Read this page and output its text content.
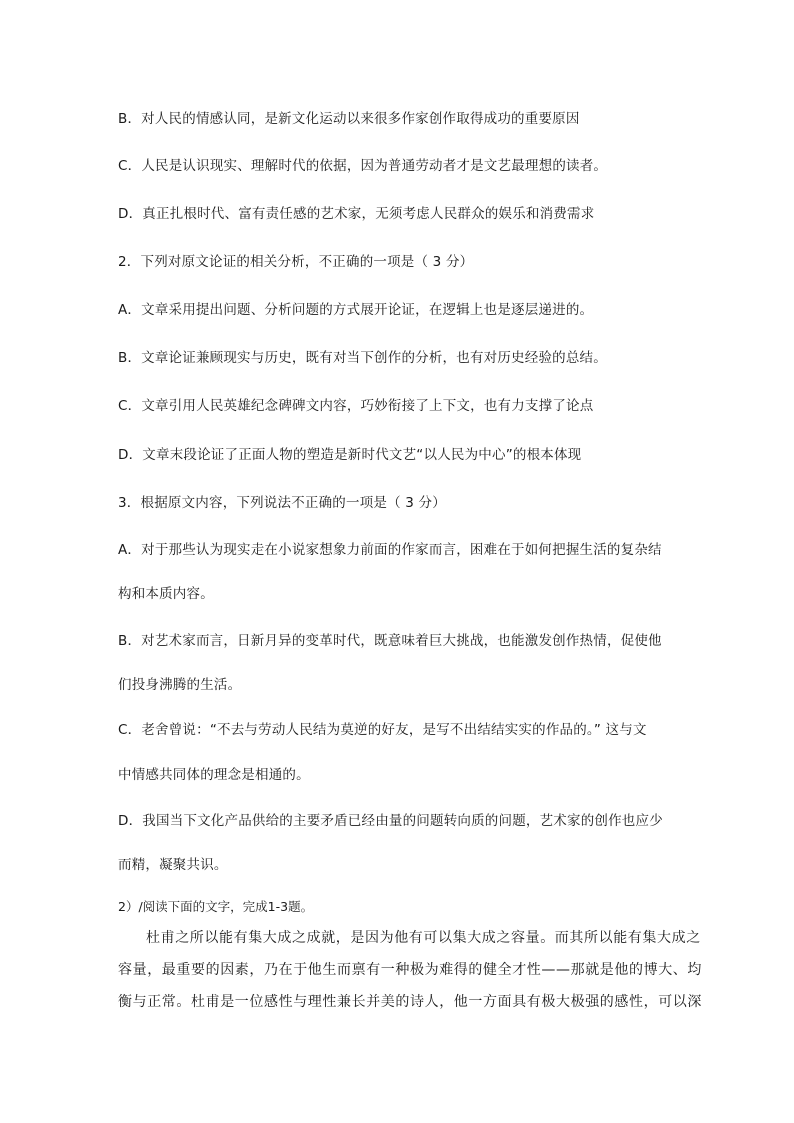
B．对人民的情感认同，是新文化运动以来很多作家创作取得成功的重要原因
C．人民是认识现实、理解时代的依据，因为普通劳动者才是文艺最理想的读者。
D．真正扎根时代、富有责任感的艺术家，无须考虑人民群众的娱乐和消费需求
2．下列对原文论证的相关分析，不正确的一项是（ 3 分）
A．文章采用提出问题、分析问题的方式展开论证，在逻辑上也是逐层递进的。
B．文章论证兼顾现实与历史，既有对当下创作的分析，也有对历史经验的总结。
C．文章引用人民英雄纪念碑碑文内容，巧妙衔接了上下文，也有力支撑了论点
D．文章末段论证了正面人物的塑造是新时代文艺“以人民为中心”的根本体现
3．根据原文内容，下列说法不正确的一项是（ 3 分）
A．对于那些认为现实走在小说家想象力前面的作家而言，困难在于如何把握生活的复杂结
构和本质内容。
B．对艺术家而言，日新月异的变革时代，既意味着巨大挑战，也能激发创作热情，促使他
们投身沸腾的生活。
C．老舍曾说：“不去与劳动人民结为莫逆的好友，是写不出结结实实的作品的。” 这与文
中情感共同体的理念是相通的。
D．我国当下文化产品供给的主要矛盾已经由量的问题转向质的问题，艺术家的创作也应少
而精，凝聚共识。
2）/阅读下面的文字，完成1-3题。
杜甫之所以能有集大成之成就，是因为他有可以集大成之容量。而其所以能有集大成之
容量，最重要的因素，乃在于他生而禀有一种极为难得的健全才性——那就是他的博大、均
衡与正常。杜甫是一位感性与理性兼长并美的诗人，他一方面具有极大极强的感性，可以深
